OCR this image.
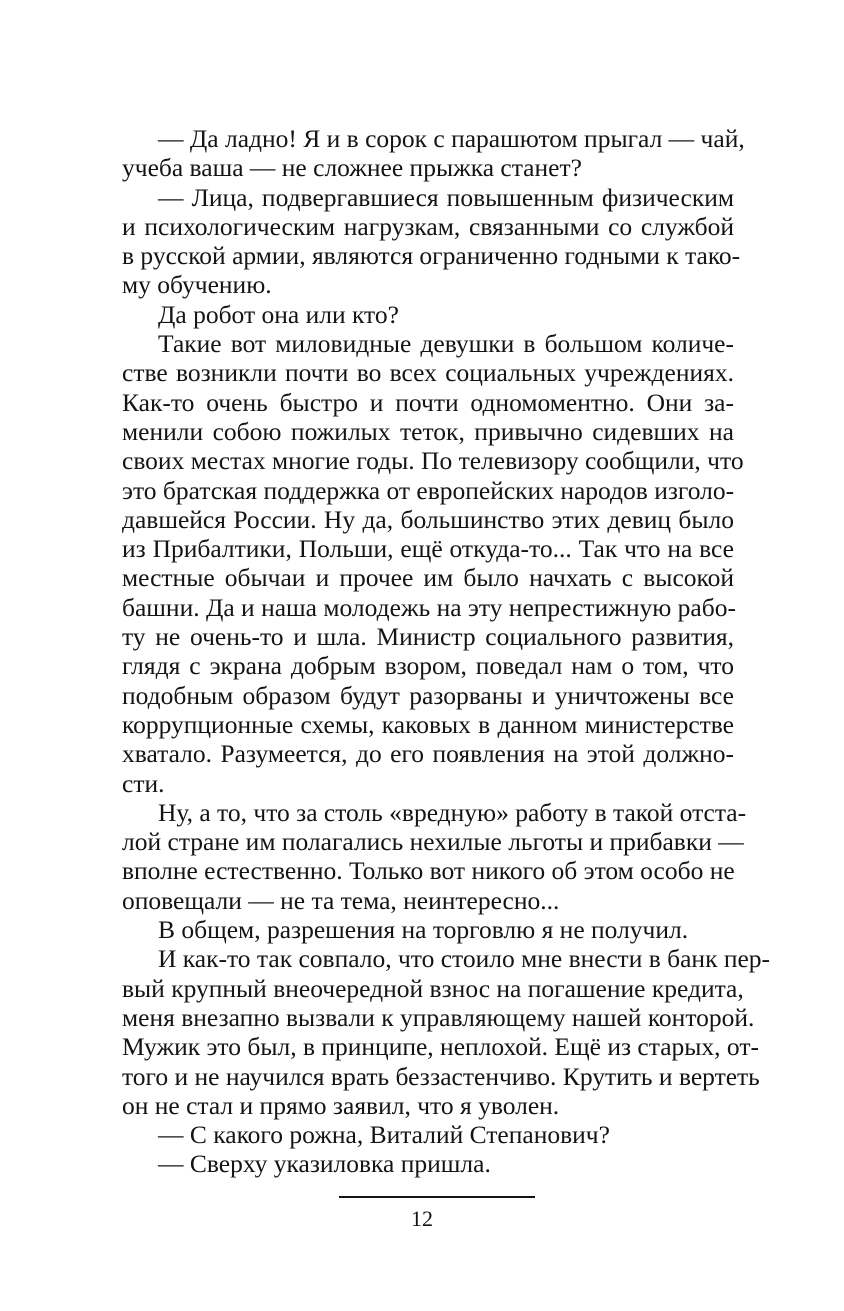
— Да ладно! Я и в сорок с парашютом прыгал — чай,
учеба ваша — не сложнее прыжка станет?
— Лица, подвергавшиеся повышенным физическим
и психологическим нагрузкам, связанными со службой
в русской армии, являются ограниченно годными к тако-
му обучению.
Да робот она или кто?
Такие вот миловидные девушки в большом количе-
стве возникли почти во всех социальных учреждениях.
Как-то очень быстро и почти одномоментно. Они за-
менили собою пожилых теток, привычно сидевших на
своих местах многие годы. По телевизору сообщили, что
это братская поддержка от европейских народов изголо-
давшейся России. Ну да, большинство этих девиц было
из Прибалтики, Польши, ещё откуда-то... Так что на все
местные обычаи и прочее им было начхать с высокой
башни. Да и наша молодежь на эту непрестижную рабо-
ту не очень-то и шла. Министр социального развития,
глядя с экрана добрым взором, поведал нам о том, что
подобным образом будут разорваны и уничтожены все
коррупционные схемы, каковых в данном министерстве
хватало. Разумеется, до его появления на этой должно-
сти.
Ну, а то, что за столь «вредную» работу в такой отста-
лой стране им полагались нехилые льготы и прибавки —
вполне естественно. Только вот никого об этом особо не
оповещали — не та тема, неинтересно...
В общем, разрешения на торговлю я не получил.
И как-то так совпало, что стоило мне внести в банк пер-
вый крупный внеочередной взнос на погашение кредита,
меня внезапно вызвали к управляющему нашей конторой.
Мужик это был, в принципе, неплохой. Ещё из старых, от-
того и не научился врать беззастенчиво. Крутить и вертеть
он не стал и прямо заявил, что я уволен.
— С какого рожна, Виталий Степанович?
— Сверху указиловка пришла.
12
